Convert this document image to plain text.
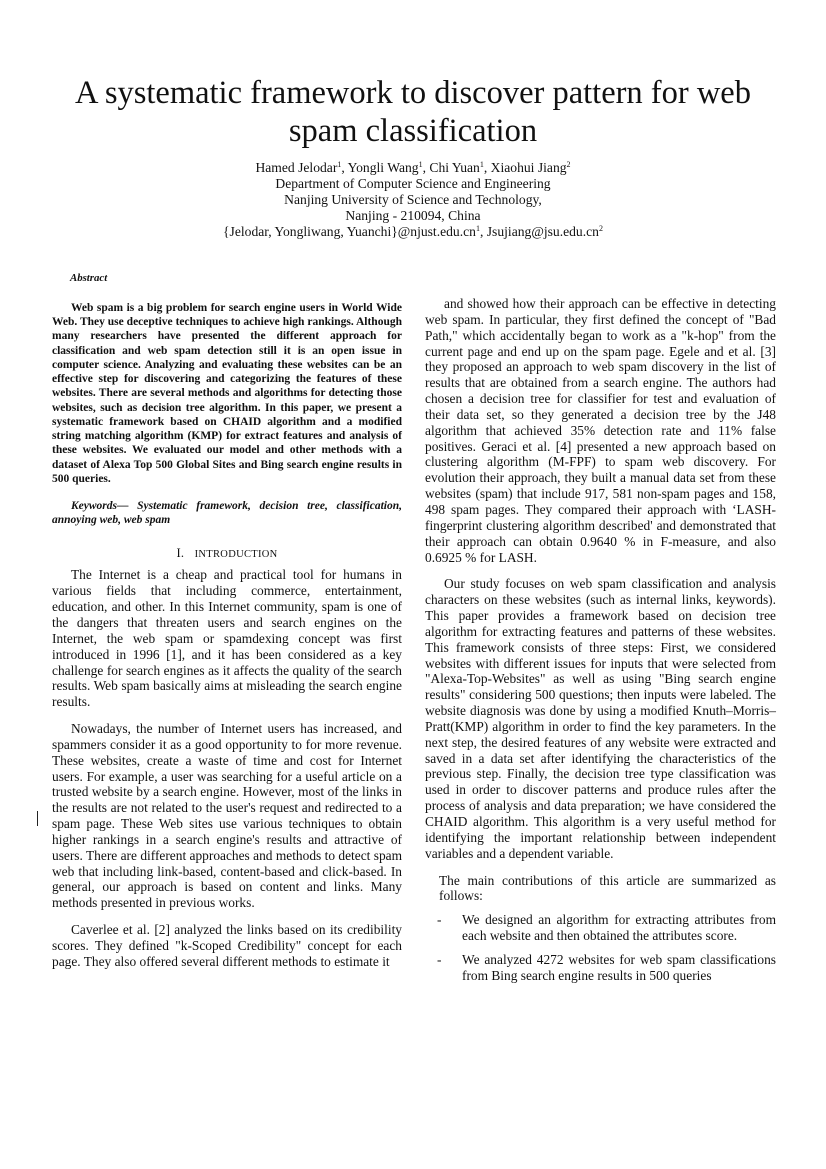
A systematic framework to discover pattern for web spam classification
Hamed Jelodar$^1$, Yongli Wang$^1$, Chi Yuan$^1$, Xiaohui Jiang$^2$
Department of Computer Science and Engineering
Nanjing University of Science and Technology,
Nanjing - 210094, China
{Jelodar, Yongliwang, $Yuanchi\}@njust.edu.cn^1$, $Jsujiang@jsu.edu.cn^2$
Abstract

Web spam is a big problem for search engine users in World Wide Web. They use deceptive techniques to achieve high rankings. Although many researchers have presented the different approach for classification and web spam detection still it is an open issue in computer science. Analyzing and evaluating these websites can be an effective step for discovering and categorizing the features of these websites. There are several methods and algorithms for detecting those websites, such as decision tree algorithm. In this paper, we present a systematic framework based on CHAID algorithm and a modified string matching algorithm (KMP) for extract features and analysis of these websites. We evaluated our model and other methods with a dataset of Alexa Top 500 Global Sites and Bing search engine results in 500 queries.

Keywords— Systematic framework, decision tree, classification, annoying web, web spam

I. INTRODUCTION

The Internet is a cheap and practical tool for humans in various fields that including commerce, entertainment, education, and other. In this Internet community, spam is one of the dangers that threaten users and search engines on the Internet, the web spam or spamdexing concept was first introduced in 1996 [1], and it has been considered as a key challenge for search engines as it affects the quality of the search results. Web spam basically aims at misleading the search engine results.

Nowadays, the number of Internet users has increased, and spammers consider it as a good opportunity to for more revenue. These websites, create a waste of time and cost for Internet users. For example, a user was searching for a useful article on a trusted website by a search engine. However, most of the links in the results are not related to the user's request and redirected to a spam page. These Web sites use various techniques to obtain higher rankings in a search engine's results and attractive of users. There are different approaches and methods to detect spam web that including link-based, content-based and click-based. In general, our approach is based on content and links. Many methods presented in previous works.

Caverlee et al. [2] analyzed the links based on its credibility scores. They defined "k-Scoped Credibility" concept for each page. They also offered several different methods to estimate it

and showed how their approach can be effective in detecting web spam. In particular, they first defined the concept of "Bad Path," which accidentally began to work as a "k-hop" from the current page and end up on the spam page. Egele and et al. [3] they proposed an approach to web spam discovery in the list of results that are obtained from a search engine. The authors had chosen a decision tree for classifier for test and evaluation of their data set, so they generated a decision tree by the J48 algorithm that achieved 35% detection rate and 11% false positives. Geraci et al. [4] presented a new approach based on clustering algorithm (M-FPF) to spam web discovery. For evolution their approach, they built a manual data set from these websites (spam) that include 917, 581 non-spam pages and 158, 498 spam pages. They compared their approach with ‘LASH-fingerprint clustering algorithm described' and demonstrated that their approach can obtain 0.9640 % in F-measure, and also 0.6925 % for LASH.

Our study focuses on web spam classification and analysis characters on these websites (such as internal links, keywords). This paper provides a framework based on decision tree algorithm for extracting features and patterns of these websites. This framework consists of three steps: First, we considered websites with different issues for inputs that were selected from "Alexa-Top-Websites" as well as using "Bing search engine results" considering 500 questions; then inputs were labeled. The website diagnosis was done by using a modified Knuth–Morris–Pratt(KMP) algorithm in order to find the key parameters. In the next step, the desired features of any website were extracted and saved in a data set after identifying the characteristics of the previous step. Finally, the decision tree type classification was used in order to discover patterns and produce rules after the process of analysis and data preparation; we have considered the CHAID algorithm. This algorithm is a very useful method for identifying the important relationship between independent variables and a dependent variable.

The main contributions of this article are summarized as follows:

- We designed an algorithm for extracting attributes from each website and then obtained the attributes score.
- We analyzed 4272 websites for web spam classifications from Bing search engine results in 500 queries
